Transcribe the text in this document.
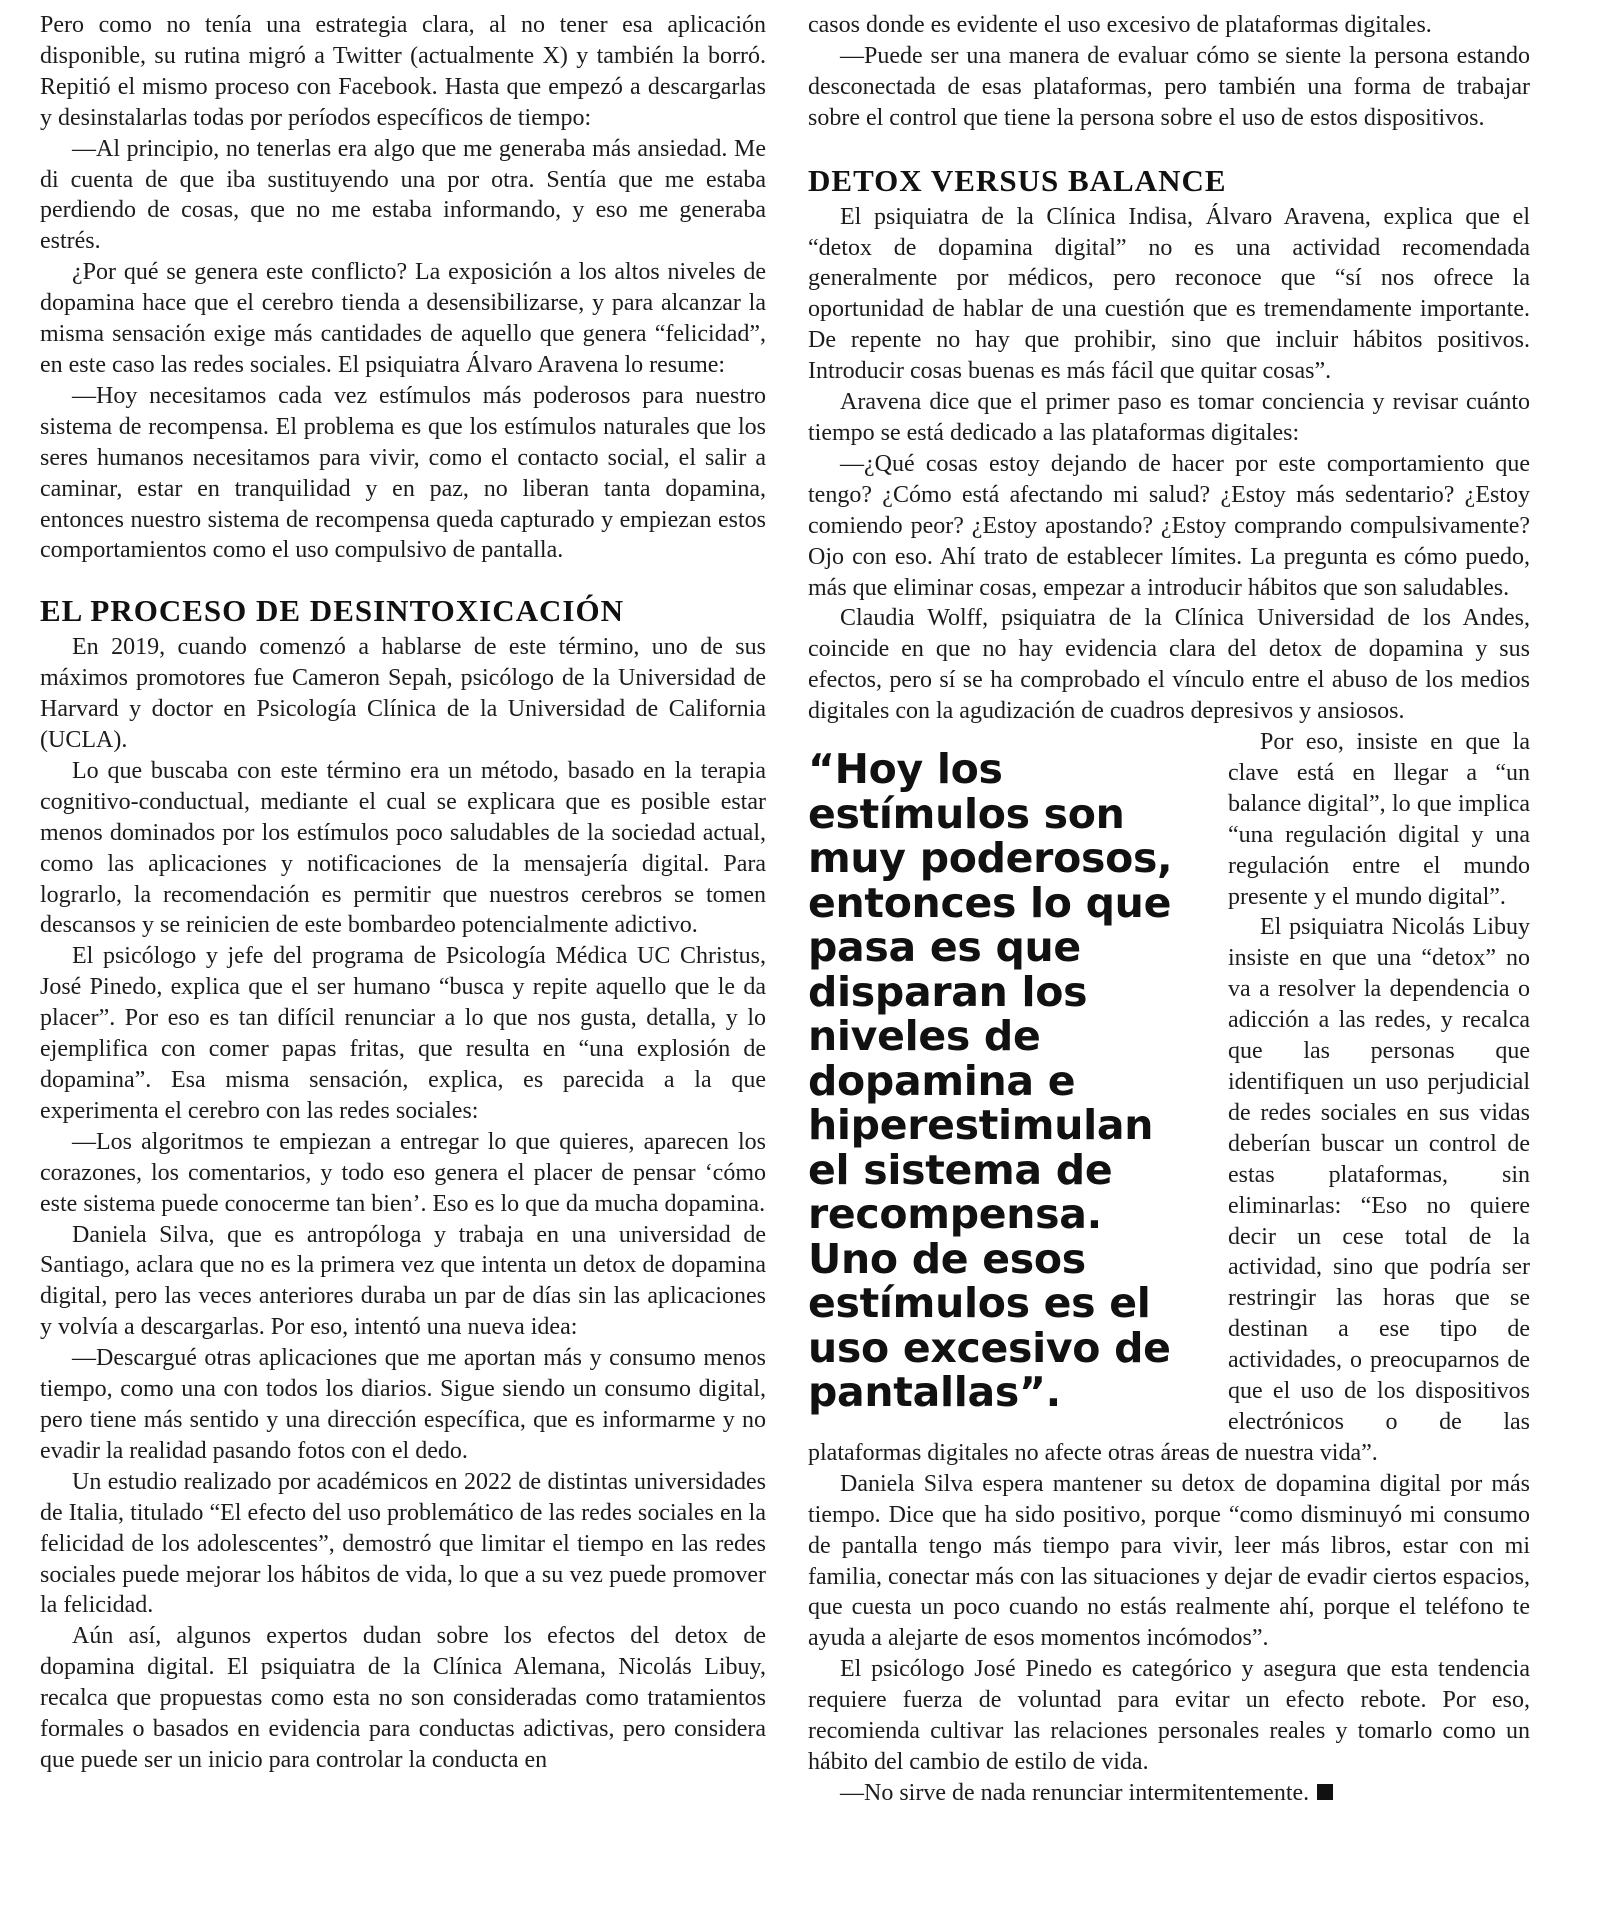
Pero como no tenía una estrategia clara, al no tener esa aplicación disponible, su rutina migró a Twitter (actualmente X) y también la borró. Repitió el mismo proceso con Facebook. Hasta que empezó a descargarlas y desinstalarlas todas por períodos específicos de tiempo:

—Al principio, no tenerlas era algo que me generaba más ansiedad. Me di cuenta de que iba sustituyendo una por otra. Sentía que me estaba perdiendo de cosas, que no me estaba informando, y eso me generaba estrés.

¿Por qué se genera este conflicto? La exposición a los altos niveles de dopamina hace que el cerebro tienda a desensibilizarse, y para alcanzar la misma sensación exige más cantidades de aquello que genera “felicidad”, en este caso las redes sociales. El psiquiatra Álvaro Aravena lo resume:

—Hoy necesitamos cada vez estímulos más poderosos para nuestro sistema de recompensa. El problema es que los estímulos naturales que los seres humanos necesitamos para vivir, como el contacto social, el salir a caminar, estar en tranquilidad y en paz, no liberan tanta dopamina, entonces nuestro sistema de recompensa queda capturado y empiezan estos comportamientos como el uso compulsivo de pantalla.

EL PROCESO DE DESINTOXICACIÓN

En 2019, cuando comenzó a hablarse de este término, uno de sus máximos promotores fue Cameron Sepah, psicólogo de la Universidad de Harvard y doctor en Psicología Clínica de la Universidad de California (UCLA).

Lo que buscaba con este término era un método, basado en la terapia cognitivo-conductual, mediante el cual se explicara que es posible estar menos dominados por los estímulos poco saludables de la sociedad actual, como las aplicaciones y notificaciones de la mensajería digital. Para lograrlo, la recomendación es permitir que nuestros cerebros se tomen descansos y se reinicien de este bombardeo potencialmente adictivo.

El psicólogo y jefe del programa de Psicología Médica UC Christus, José Pinedo, explica que el ser humano “busca y repite aquello que le da placer”. Por eso es tan difícil renunciar a lo que nos gusta, detalla, y lo ejemplifica con comer papas fritas, que resulta en “una explosión de dopamina”. Esa misma sensación, explica, es parecida a la que experimenta el cerebro con las redes sociales:

—Los algoritmos te empiezan a entregar lo que quieres, aparecen los corazones, los comentarios, y todo eso genera el placer de pensar ‘cómo este sistema puede conocerme tan bien’. Eso es lo que da mucha dopamina.

Daniela Silva, que es antropóloga y trabaja en una universidad de Santiago, aclara que no es la primera vez que intenta un detox de dopamina digital, pero las veces anteriores duraba un par de días sin las aplicaciones y volvía a descargarlas. Por eso, intentó una nueva idea:

—Descargué otras aplicaciones que me aportan más y consumo menos tiempo, como una con todos los diarios. Sigue siendo un consumo digital, pero tiene más sentido y una dirección específica, que es informarme y no evadir la realidad pasando fotos con el dedo.

Un estudio realizado por académicos en 2022 de distintas universidades de Italia, titulado “El efecto del uso problemático de las redes sociales en la felicidad de los adolescentes”, demostró que limitar el tiempo en las redes sociales puede mejorar los hábitos de vida, lo que a su vez puede promover la felicidad.

Aún así, algunos expertos dudan sobre los efectos del detox de dopamina digital. El psiquiatra de la Clínica Alemana, Nicolás Libuy, recalca que propuestas como esta no son consideradas como tratamientos formales o basados en evidencia para conductas adictivas, pero considera que puede ser un inicio para controlar la conducta en

casos donde es evidente el uso excesivo de plataformas digitales.

—Puede ser una manera de evaluar cómo se siente la persona estando desconectada de esas plataformas, pero también una forma de trabajar sobre el control que tiene la persona sobre el uso de estos dispositivos.

DETOX VERSUS BALANCE

El psiquiatra de la Clínica Indisa, Álvaro Aravena, explica que el “detox de dopamina digital” no es una actividad recomendada generalmente por médicos, pero reconoce que “sí nos ofrece la oportunidad de hablar de una cuestión que es tremendamente importante. De repente no hay que prohibir, sino que incluir hábitos positivos. Introducir cosas buenas es más fácil que quitar cosas”.

Aravena dice que el primer paso es tomar conciencia y revisar cuánto tiempo se está dedicado a las plataformas digitales:

—¿Qué cosas estoy dejando de hacer por este comportamiento que tengo? ¿Cómo está afectando mi salud? ¿Estoy más sedentario? ¿Estoy comiendo peor? ¿Estoy apostando? ¿Estoy comprando compulsivamente? Ojo con eso. Ahí trato de establecer límites. La pregunta es cómo puedo, más que eliminar cosas, empezar a introducir hábitos que son saludables.

Claudia Wolff, psiquiatra de la Clínica Universidad de los Andes, coincide en que no hay evidencia clara del detox de dopamina y sus efectos, pero sí se ha comprobado el vínculo entre el abuso de los medios digitales con la agudización de cuadros depresivos y ansiosos.

“Hoy los estímulos son muy poderosos, entonces lo que pasa es que disparan los niveles de dopamina e hiperestimulan el sistema de recompensa. Uno de esos estímulos es el uso excesivo de pantallas”.

Por eso, insiste en que la clave está en llegar a “un balance digital”, lo que implica “una regulación digital y una regulación entre el mundo presente y el mundo digital”.

El psiquiatra Nicolás Libuy insiste en que una “detox” no va a resolver la dependencia o adicción a las redes, y recalca que las personas que identifiquen un uso perjudicial de redes sociales en sus vidas deberían buscar un control de estas plataformas, sin eliminarlas: “Eso no quiere decir un cese total de la actividad, sino que podría ser restringir las horas que se destinan a ese tipo de actividades, o preocuparnos de que el uso de los dispositivos electrónicos o de las plataformas digitales no afecte otras áreas de nuestra vida”.

Daniela Silva espera mantener su detox de dopamina digital por más tiempo. Dice que ha sido positivo, porque “como disminuyó mi consumo de pantalla tengo más tiempo para vivir, leer más libros, estar con mi familia, conectar más con las situaciones y dejar de evadir ciertos espacios, que cuesta un poco cuando no estás realmente ahí, porque el teléfono te ayuda a alejarte de esos momentos incómodos”.

El psicólogo José Pinedo es categórico y asegura que esta tendencia requiere fuerza de voluntad para evitar un efecto rebote. Por eso, recomienda cultivar las relaciones personales reales y tomarlo como un hábito del cambio de estilo de vida.

—No sirve de nada renunciar intermitentemente.
